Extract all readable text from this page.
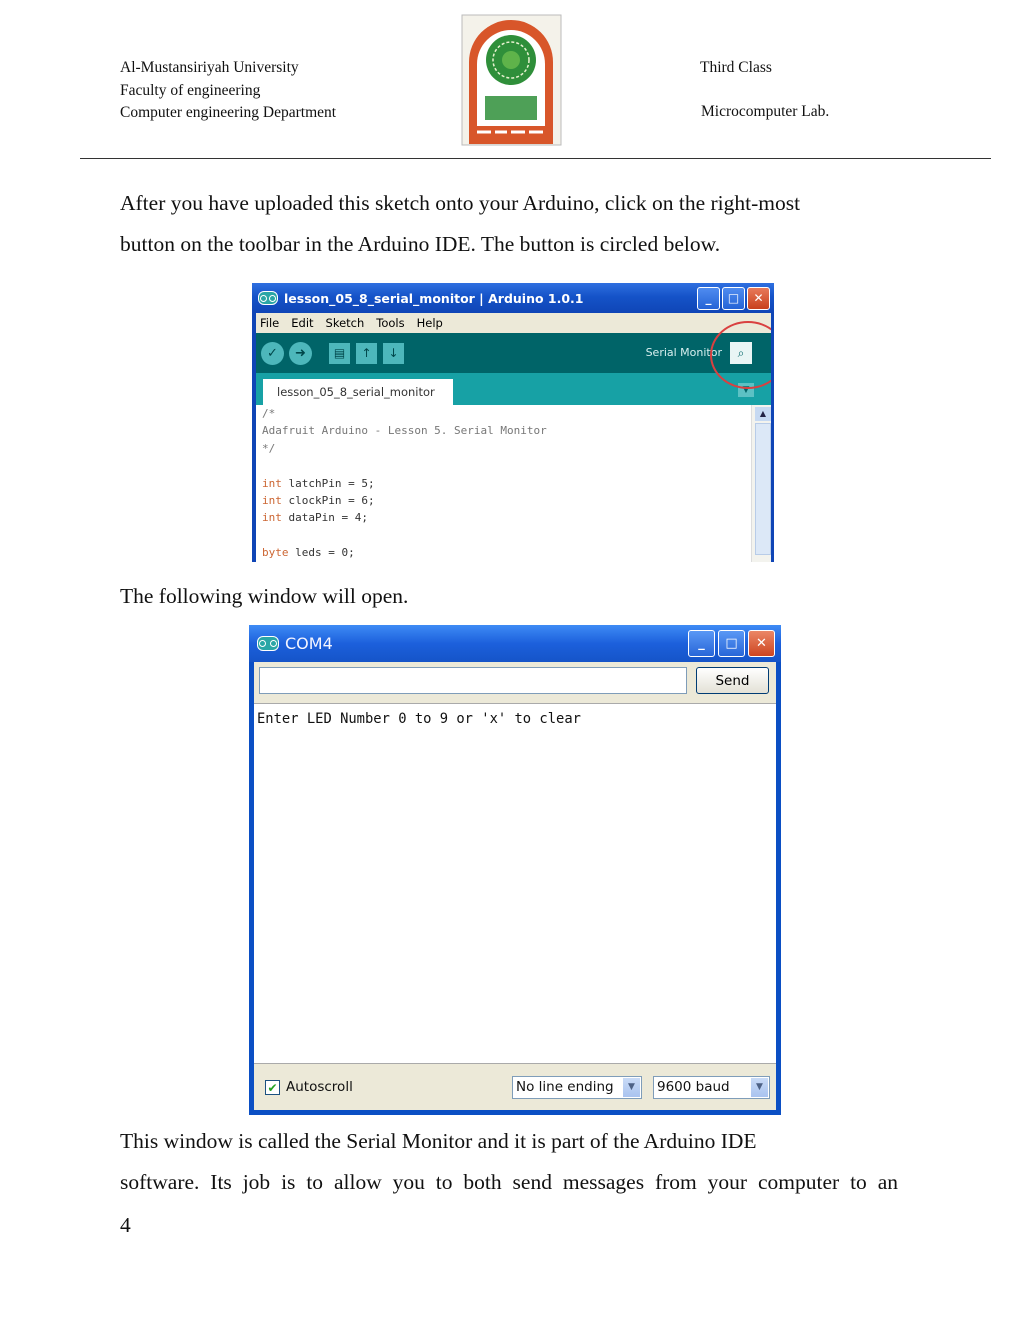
Al-Mustansiriyah University
Faculty of engineering
Computer engineering Department
Third Class
Microcomputer Lab.
After you have uploaded this sketch onto your Arduino, click on the right-most
button on the toolbar in the Arduino IDE. The button is circled below.
lesson_05_8_serial_monitor | Arduino 1.0.1	_	□	✕
File Edit Sketch Tools Help
✓	➜	▤	↑	↓	Serial Monitor	⌕
lesson_05_8_serial_monitor	▼
/*
Adafruit Arduino - Lesson 5. Serial Monitor
*/
int latchPin = 5;
int clockPin = 6;
int dataPin = 4;
byte leds = 0;
▲
The following window will open.
COM4	_	□	✕
Send
Enter LED Number 0 to 9 or 'x' to clear
✔ Autoscroll	No line ending	▼	9600 baud	▼
This window is called the Serial Monitor and it is part of the Arduino IDE
software. Its job is to allow you to both send messages from your computer to an
4
